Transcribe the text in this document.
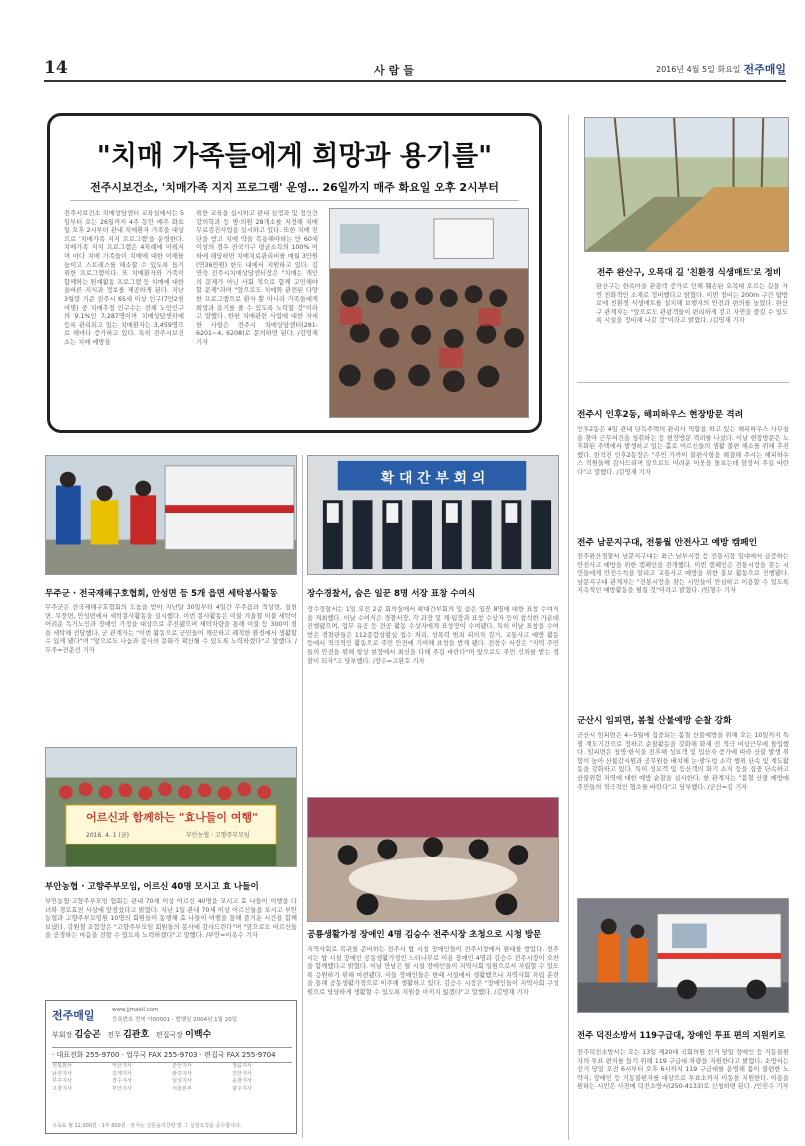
14	사람들	2016년 4월 5일 화요일 전주매일
"치매 가족들에게 희망과 용기를"
전주시보건소, '치매가족 지지 프로그램' 운영… 26일까지 매주 화요일 오후 2시부터
전주시보건소 치매상담센터 교육실에서는 5일부터 오는 26일까지 4주 동안 매주 화요일 오후 2시부터 관내 치매환자 가족을 대상으로 '치매가족 지지 프로그램'을 운영한다. 치매가족 지지 프로그램은 4차례에 이뤄지며 마다 치매 가족들이 치매에 대한 이해를 높이고 스트레스를 해소할 수 있도록 돕기 위한 프로그램이다. 또 치매환자와 가족이 함께하는 원예활동 프로그램 등 치매에 대한 올바른 지식과 정보를 제공하게 된다. 지난 3월말 기준 전주시 65세 이상 인구(7만2천여명) 중 치매추정 인구수는 전체 노인인구의 9.1%인 7,287명이며 치매상담센터에 등록 관리되고 있는 치매환자는 3,459명으로 해마다 증가하고 있다. 특히 전주시보건소는 치매 예방을
위한 교육을 실시하고 관내 심정과 및 정신건강의학과 등 병·의원 28개소를 지정해 치매무료검진사업을 실시하고 있다. 또한 치매 진단을 받고 치매 약을 복용해야하는 만 60세 이상의 경우 전국가구 평균소득의 100% 이하에 해당하면 치매치료관리비를 매월 3만원(연36만원) 한도 내에서 지원하고 있다. 김연숙 전주시치매상담센터장은 "치매는 개인의 문제가 아닌 사회 적으로 함께 고민해야 할 문제"라며 "앞으로도 치매와 관련된 다양한 프로그램으로 환자 뿐 아니라 가족들에게 희망과 용기를 줄 수 있도록 노력할 것"이라고 말했다. 한편 치매관련 사업에 대한 자세한 사항은 전주시 치매상담센터(281-6201~4, 6208)로 문의하면 된다. /김영재 기자
전주 완산구, 오목대 길 '친환경 식생매트'로 정비
완산구는 한옥마을 관광객 증가로 인해 훼손된 오목대 오르는 길을 자연 친화적인 소재로 정비했다고 밝혔다. 이번 정비는 200m 구간 탐방로에 친환경 식생매트를 설치해 보행자의 안전과 편의를 높였다. 완산구 관계자는 "앞으로도 관광객들이 편리하게 걷고 자연을 즐길 수 있도록 시설을 정비해 나갈 것"이라고 밝혔다. /김영재 기자
전주시 인후2동, 해피하우스 현장방문 격려
인후2동은 4일 관내 단독주택의 관리사 역할을 하고 있는 해피하우스 사무실을 찾아 근무여건을 청취하는 등 현장방문 격려를 나섰다. 이날 현장방문은 노후화된 주택에서 발생하고 있는 홀로 어르신들의 생활 불편 해소를 위해 추진했다. 한석진 인후2동장은 "주민 가까이 불편사항을 해결해 주시는 해피하우스 직원들께 감사드리며 앞으로도 어려운 이웃을 돌보는데 앞장서 주길 바란다"고 말했다. /김영재 기자
전주 남문지구대, 전통월 안전사고 예방 캠페인
전주완산경찰서 남문지구대는 최근 남부시장 등 전통시장 일대에서 급증하는 안전사고 예방을 위한 캠페인을 전개했다. 이번 캠페인은 전통시장을 찾는 시민들에게 안전수칙을 알리고 교통사고 예방을 위한 홍보 활동으로 진행됐다. 남문지구대 관계자는 "전통시장을 찾는 시민들이 안심하고 이용할 수 있도록 지속적인 예방활동을 펼칠 것"이라고 밝혔다. /임형수 기자
군산시 임피면, 봄철 산불예방 순찰 강화
군산시 임피면은 4~5월에 집중되는 봄철 산불예방을 위해 오는 10일까지 특별 계도기간으로 정하고 순찰활동을 강화해 화재 전 적극 비상근무에 돌입했다. 임피면은 청명·한식을 전후해 성묘객 및 입산자 증가에 따라 산불 발생 위험이 높아 산불감시원과 공무원을 배치해 논·밭두렁 소각 행위 단속 및 계도활동을 강화하고 있다. 특히 성묘객 및 등산객의 화기 소지 등을 집중 단속하고 산불위험 지역에 대한 예방 순찰을 실시한다. 한 관계자는 "봄철 산불 예방에 주민들의 적극적인 협조를 바란다"고 당부했다. /군산=김 기자
전주 덕진소방서 119구급대, 장애인 투표 편의 지원키로
전주덕진소방서는 오는 13일 제20대 국회의원 선거 당일 장애인 등 거동불편자의 투표 편의를 돕기 위해 119 구급대 차량을 지원한다고 밝혔다. 소방서는 선거 당일 오전 6시부터 오후 6시까지 119 구급대를 운영해 몸이 불편한 노약자, 장애인 등 거동불편자를 대상으로 투표소까지 이동을 지원한다. 이용을 원하는 시민은 사전에 덕진소방서(250-4133)로 신청하면 된다. /인진수 기자
무주군 · 전국재해구호협회, 안성면 등 5개 읍면 세탁봉사활동
무주군은 전국재해구호협회의 도움을 받아 지난달 30일부터 4일간 무주읍과 적상면, 설천면, 무풍면, 안성면에서 세탁봉사활동을 실시했다. 이번 봉사활동은 이불 겨울철 이불 세탁이 어려운 독거노인과 장애인 가정을 대상으로 추진됐으며 세탁차량을 통해 이불 등 300여 점을 세탁해 전달했다. 군 관계자는 "이번 활동으로 군민들이 깨끗하고 쾌적한 환경에서 생활할 수 있게 됐다"며 "앞으로도 나눔과 봉사의 문화가 확산될 수 있도록 노력하겠다"고 말했다. /무주=전춘선 기자
확 대 간 부 회 의
장수경찰서, 숨은 일꾼 8명 서장 표창 수여식
장수경찰서는 1일 오전 2층 회의실에서 확대간부회의 및 숨은 일꾼 8명에 대한 표창 수여식을 개최했다. 이날 수여식은 경찰서장, 각 과장 및 계·팀장과 표창 수상자 등이 참석한 가운데 진행됐으며, 업무 유공 등 전공 활동 수상자에게 표창장이 수여됐다. 특히 이날 표창을 수여받은 경찰관들은 112종합상황실 접수 처리, 성폭력 범죄 피의자 검거, 교통사고 예방 활동 등에서 적극적인 활동으로 주민 안전에 기여해 표창을 받게 됐다. 전창수 서장은 "지역 주민들의 안전을 위해 항상 현장에서 최선을 다해 주길 바란다"며 앞으로도 주민 신뢰를 받는 경찰이 되자"고 당부했다. /장수=고완호 기자
어르신과 함께하는 "효나들이 여행"
2016. 4. 1 (금)	부안농협 · 고향주부모임
부안농협 · 고향주부모임, 어르신 40명 모시고 효 나들이
부안농협·고향주부모임 협회는 관내 70세 이상 어르신 40명을 모시고 효 나들이 여행을 다녀와 경로효친 사상에 앞장섰다고 밝혔다. 지난 1일 관내 70세 이상 어르신들을 모시고 부안농협과 고향주부모임원 10명의 회원들이 동행해 효 나들이 여행을 통해 즐거운 시간을 함께 보냈다. 강원철 조합장은 "고향주부모임 회원들의 봉사에 감사드린다"며 "앞으로도 어르신들을 공경하는 마음을 전할 수 있도록 노력하겠다"고 말했다. /부안=이옥수 기자	공룡생활가정 장애인 4명 김승수 전주시장 초청으로 시청 방문
지역사회로 복귀를 준비하는 전주시 탑 시설 장애인들이 전주시장에서 환대를 받았다. 전주시는 탑 시설 장애인 공동생활가정인 느티나무로 이용 장애인 4명과 김승수 전주시장이 오찬을 함께했다고 밝혔다. 이날 만남은 탈 시설 장애인들이 지역사회 일원으로서 자립할 수 있도록 응원하기 위해 마련됐다. 이들 장애인들은 한때 시설에서 생활했으나 지역사회 자립 훈련을 통해 공동생활가정으로 이주해 생활하고 있다. 김승수 시장은 "장애인들이 지역사회 구성원으로 당당하게 생활할 수 있도록 지원을 아끼지 않겠다"고 말했다. /김영재 기자
전주매일	www.jjmaeil.com
등록번호 전북 아00001 · 발행일 2004년 1월 20일
부회장 김승곤 전무 김관호 편집국장 이백수
· 대표전화 255-9700 · 업무국 FAX 255-9703 · 편집국 FAX 255-9704
전북본사	익산지사	군산지사	정읍지사
남원지사	김제지사	완주지사	진안지사
무주지사	장수지사	임실지사	순창지사
고창지사	부안지사	서울본부	광주지사
구독료 월 12,000원 · 1부 600원 · 본지는 신문윤리강령 및 그 실천요강을 준수합니다.
